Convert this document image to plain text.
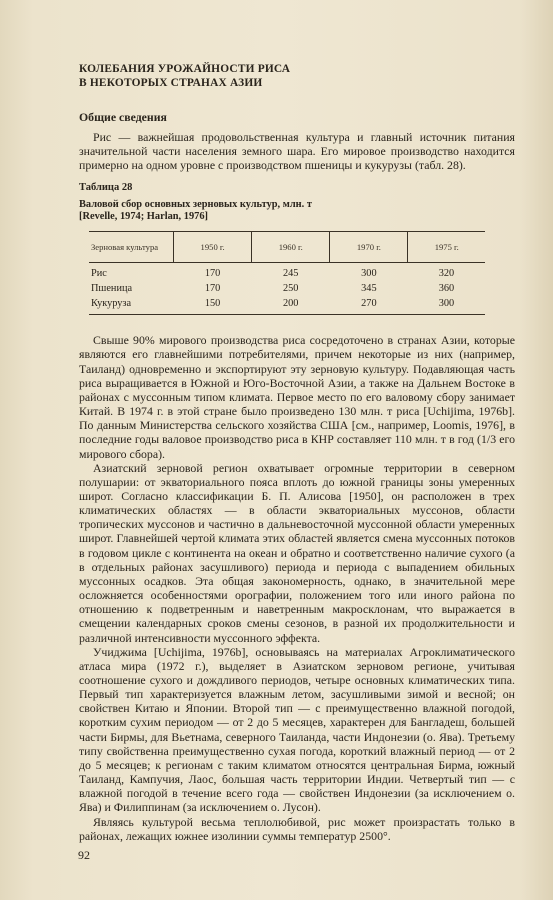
КОЛЕБАНИЯ УРОЖАЙНОСТИ РИСА
В НЕКОТОРЫХ СТРАНАХ АЗИИ
Общие сведения

Рис — важнейшая продовольственная культура и главный источник питания значительной части населения земного шара. Его мировое производство находится примерно на одном уровне с производством пшеницы и кукурузы (табл. 28).

Таблица 28
Валовой сбор основных зерновых культур, млн. т
[Revelle, 1974; Harlan, 1976]
Зерновая культура	1950 г.	1960 г.	1970 г.	1975 г.
Рис	170	245	300	320
Пшеница	170	250	345	360
Кукуруза	150	200	270	300

Свыше 90% мирового производства риса сосредоточено в странах Азии, которые являются его главнейшими потребителями, причем некоторые из них (например, Таиланд) одновременно и экспортируют эту зерновую культуру. Подавляющая часть риса выращивается в Южной и Юго-Восточной Азии, а также на Дальнем Востоке в районах с муссонным типом климата. Первое место по его валовому сбору занимает Китай. В 1974 г. в этой стране было произведено 130 млн. т риса [Uchijima, 1976b]. По данным Министерства сельского хозяйства США [см., например, Loomis, 1976], в последние годы валовое производство риса в КНР составляет 110 млн. т в год (1/3 его мирового сбора).

Азиатский зерновой регион охватывает огромные территории в северном полушарии: от экваториального пояса вплоть до южной границы зоны умеренных широт. Согласно классификации Б. П. Алисова [1950], он расположен в трех климатических областях — в области экваториальных муссонов, области тропических муссонов и частично в дальневосточной муссонной области умеренных широт. Главнейшей чертой климата этих областей является смена муссонных потоков в годовом цикле с континента на океан и обратно и соответственно наличие сухого (а в отдельных районах засушливого) периода и периода с выпадением обильных муссонных осадков. Эта общая закономерность, однако, в значительной мере осложняется особенностями орографии, положением того или иного района по отношению к подветренным и наветренным макросклонам, что выражается в смещении календарных сроков смены сезонов, в разной их продолжительности и различной интенсивности муссонного эффекта.

Учиджима [Uchijima, 1976b], основываясь на материалах Агроклиматического атласа мира (1972 г.), выделяет в Азиатском зерновом регионе, учитывая соотношение сухого и дождливого периодов, четыре основных климатических типа. Первый тип характеризуется влажным летом, засушливыми зимой и весной; он свойствен Китаю и Японии. Второй тип — с преимущественно влажной погодой, коротким сухим периодом — от 2 до 5 месяцев, характерен для Бангладеш, большей части Бирмы, для Вьетнама, северного Таиланда, части Индонезии (о. Ява). Третьему типу свойственна преимущественно сухая погода, короткий влажный период — от 2 до 5 месяцев; к регионам с таким климатом относятся центральная Бирма, южный Таиланд, Кампучия, Лаос, большая часть территории Индии. Четвертый тип — с влажной погодой в течение всего года — свойствен Индонезии (за исключением о. Ява) и Филиппинам (за исключением о. Лусон).

Являясь культурой весьма теплолюбивой, рис может произрастать только в районах, лежащих южнее изолинии суммы температур 2500°.

92
